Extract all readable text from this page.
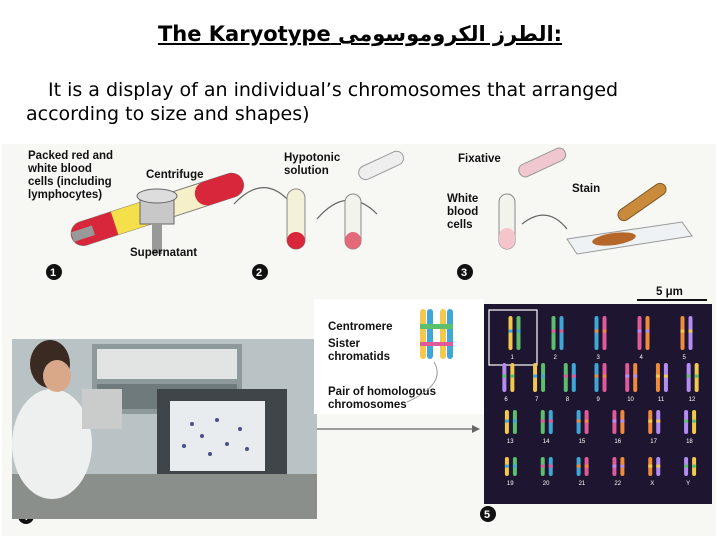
The Karyotype الطرز الكروموسومى:
It is a display of an individual’s chromosomes that arranged
according to size and shapes)
Packed red and
white blood
cells (including
lymphocytes)
Centrifuge
Supernatant
Hypotonic
solution
Fixative
White
blood
cells
Stain
1	2	3
5
Centromere
Sister
chromatids
Pair of homologous
chromosomes
5 μm
1	2	3	4	5
6	7	8	9	10	11	12
13	14	15	16	17	18
19	20	21	22	X	Y
